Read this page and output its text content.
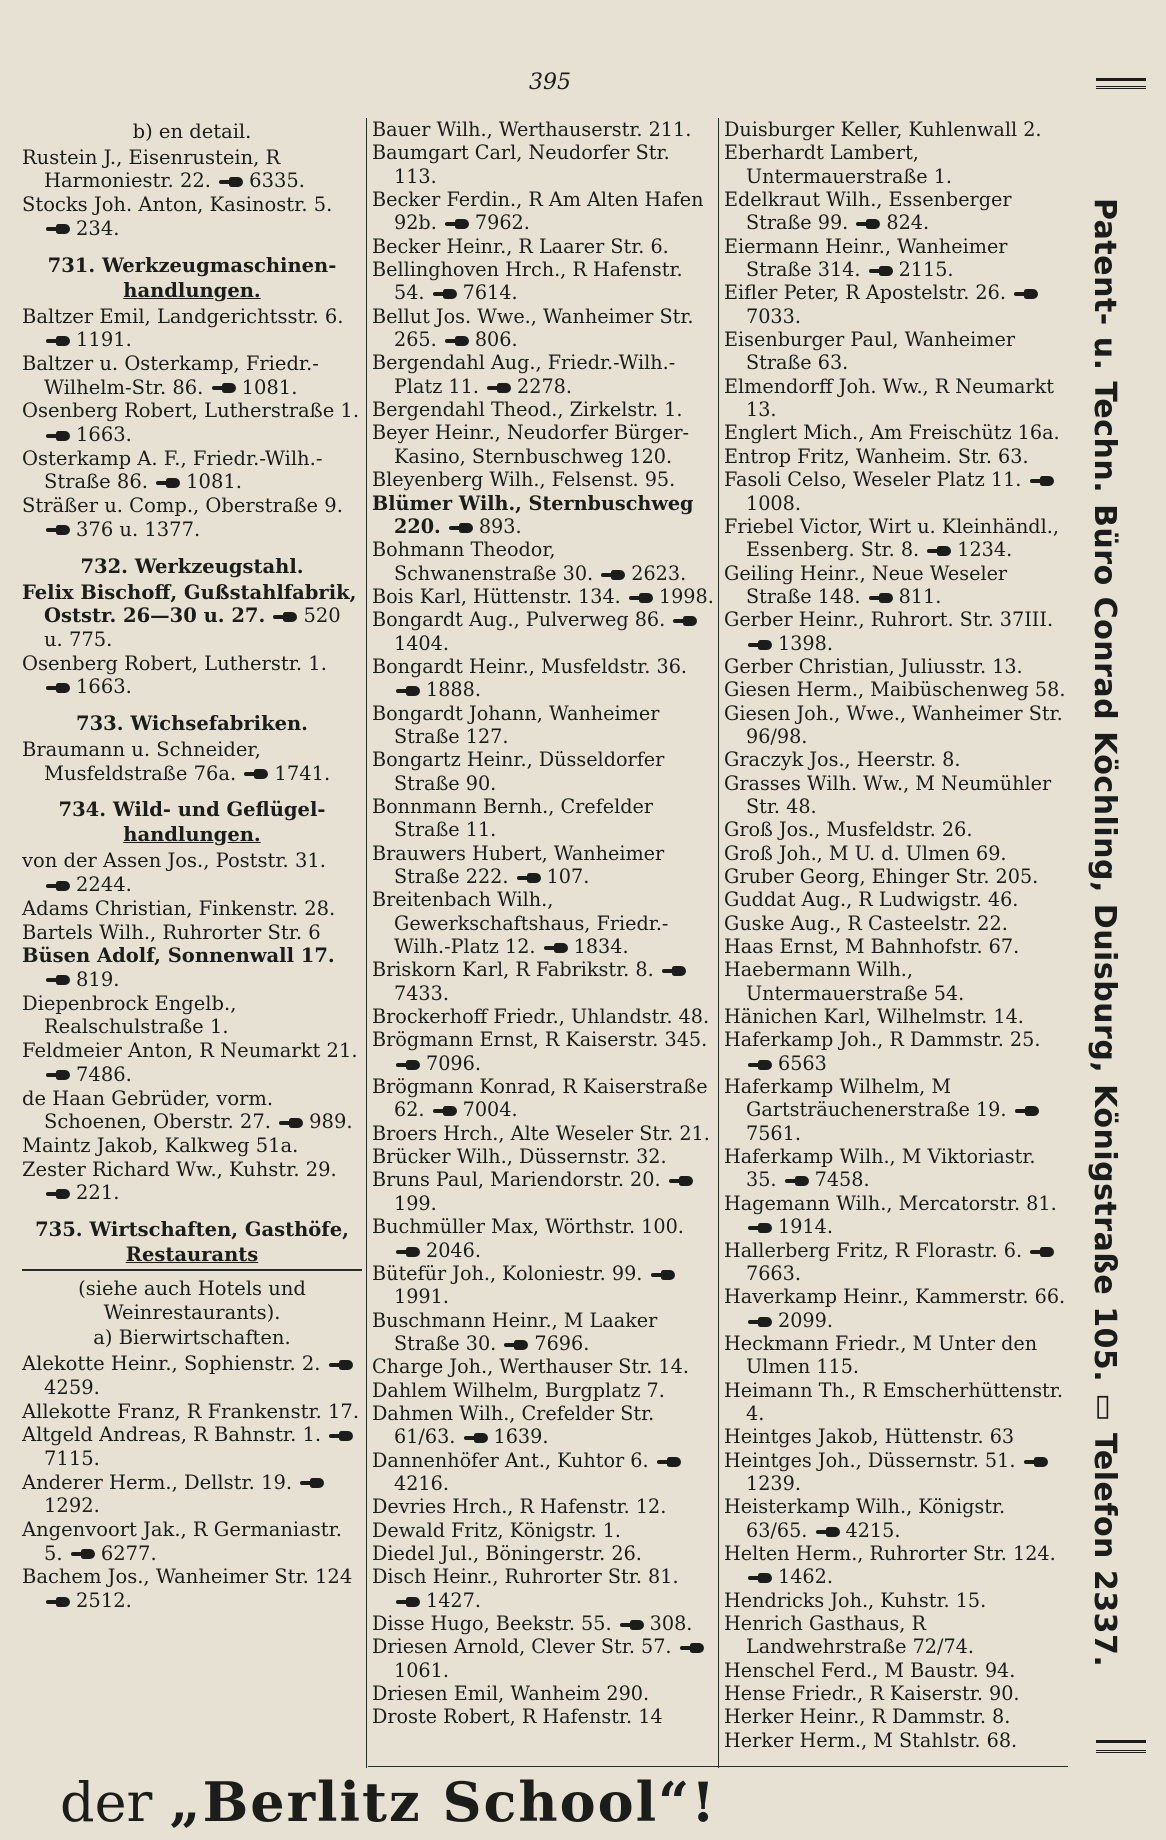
395
b) en detail.
Rustein J., Eisenrustein, R Harmoniestr. 22. 6335.
Stocks Joh. Anton, Kasinostr. 5. 234.
731. Werkzeugmaschinen-
handlungen.
Baltzer Emil, Landgerichtsstr. 6. 1191.
Baltzer u. Osterkamp, Friedr.-Wilhelm-Str. 86. 1081.
Osenberg Robert, Lutherstraße 1. 1663.
Osterkamp A. F., Friedr.-Wilh.-Straße 86. 1081.
Sträßer u. Comp., Oberstraße 9. 376 u. 1377.
732. Werkzeugstahl.
Felix Bischoff, Gußstahlfabrik, Oststr. 26—30 u. 27. 520 u. 775.
Osenberg Robert, Lutherstr. 1. 1663.
733. Wichsefabriken.
Braumann u. Schneider, Musfeldstraße 76a. 1741.
734. Wild- und Geflügel-
handlungen.
von der Assen Jos., Poststr. 31. 2244.
Adams Christian, Finkenstr. 28.
Bartels Wilh., Ruhrorter Str. 6
Büsen Adolf, Sonnenwall 17. 819.
Diepenbrock Engelb., Realschulstraße 1.
Feldmeier Anton, R Neumarkt 21. 7486.
de Haan Gebrüder, vorm. Schoenen, Oberstr. 27. 989.
Maintz Jakob, Kalkweg 51a.
Zester Richard Ww., Kuhstr. 29. 221.
735. Wirtschaften, Gasthöfe,
Restaurants
(siehe auch Hotels und Weinrestaurants).
a) Bierwirtschaften.
Alekotte Heinr., Sophienstr. 2. 4259.
Allekotte Franz, R Frankenstr. 17.
Altgeld Andreas, R Bahnstr. 1. 7115.
Anderer Herm., Dellstr. 19. 1292.
Angenvoort Jak., R Germaniastr. 5. 6277.
Bachem Jos., Wanheimer Str. 124 2512.
Bauer Wilh., Werthauserstr. 211.
Baumgart Carl, Neudorfer Str. 113.
Becker Ferdin., R Am Alten Hafen 92b. 7962.
Becker Heinr., R Laarer Str. 6.
Bellinghoven Hrch., R Hafenstr. 54. 7614.
Bellut Jos. Wwe., Wanheimer Str. 265. 806.
Bergendahl Aug., Friedr.-Wilh.-Platz 11. 2278.
Bergendahl Theod., Zirkelstr. 1.
Beyer Heinr., Neudorfer Bürger-Kasino, Sternbuschweg 120.
Bleyenberg Wilh., Felsenst. 95.
Blümer Wilh., Sternbuschweg 220. 893.
Bohmann Theodor, Schwanenstraße 30. 2623.
Bois Karl, Hüttenstr. 134. 1998.
Bongardt Aug., Pulverweg 86. 1404.
Bongardt Heinr., Musfeldstr. 36. 1888.
Bongardt Johann, Wanheimer Straße 127.
Bongartz Heinr., Düsseldorfer Straße 90.
Bonnmann Bernh., Crefelder Straße 11.
Brauwers Hubert, Wanheimer Straße 222. 107.
Breitenbach Wilh., Gewerkschaftshaus, Friedr.-Wilh.-Platz 12. 1834.
Briskorn Karl, R Fabrikstr. 8. 7433.
Brockerhoff Friedr., Uhlandstr. 48.
Brögmann Ernst, R Kaiserstr. 345. 7096.
Brögmann Konrad, R Kaiserstraße 62. 7004.
Broers Hrch., Alte Weseler Str. 21.
Brücker Wilh., Düssernstr. 32.
Bruns Paul, Mariendorstr. 20. 199.
Buchmüller Max, Wörthstr. 100. 2046.
Bütefür Joh., Koloniestr. 99. 1991.
Buschmann Heinr., M Laaker Straße 30. 7696.
Charge Joh., Werthauser Str. 14.
Dahlem Wilhelm, Burgplatz 7.
Dahmen Wilh., Crefelder Str. 61/63. 1639.
Dannenhöfer Ant., Kuhtor 6. 4216.
Devries Hrch., R Hafenstr. 12.
Dewald Fritz, Königstr. 1.
Diedel Jul., Böningerstr. 26.
Disch Heinr., Ruhrorter Str. 81. 1427.
Disse Hugo, Beekstr. 55. 308.
Driesen Arnold, Clever Str. 57. 1061.
Driesen Emil, Wanheim 290.
Droste Robert, R Hafenstr. 14
Duisburger Keller, Kuhlenwall 2.
Eberhardt Lambert, Untermauerstraße 1.
Edelkraut Wilh., Essenberger Straße 99. 824.
Eiermann Heinr., Wanheimer Straße 314. 2115.
Eifler Peter, R Apostelstr. 26. 7033.
Eisenburger Paul, Wanheimer Straße 63.
Elmendorff Joh. Ww., R Neumarkt 13.
Englert Mich., Am Freischütz 16a.
Entrop Fritz, Wanheim. Str. 63.
Fasoli Celso, Weseler Platz 11. 1008.
Friebel Victor, Wirt u. Kleinhändl., Essenberg. Str. 8. 1234.
Geiling Heinr., Neue Weseler Straße 148. 811.
Gerber Heinr., Ruhrort. Str. 37III. 1398.
Gerber Christian, Juliusstr. 13.
Giesen Herm., Maibüschenweg 58.
Giesen Joh., Wwe., Wanheimer Str. 96/98.
Graczyk Jos., Heerstr. 8.
Grasses Wilh. Ww., M Neumühler Str. 48.
Groß Jos., Musfeldstr. 26.
Groß Joh., M U. d. Ulmen 69.
Gruber Georg, Ehinger Str. 205.
Guddat Aug., R Ludwigstr. 46.
Guske Aug., R Casteelstr. 22.
Haas Ernst, M Bahnhofstr. 67.
Haebermann Wilh., Untermauerstraße 54.
Hänichen Karl, Wilhelmstr. 14.
Haferkamp Joh., R Dammstr. 25. 6563
Haferkamp Wilhelm, M Gartsträuchenerstraße 19. 7561.
Haferkamp Wilh., M Viktoriastr. 35. 7458.
Hagemann Wilh., Mercatorstr. 81. 1914.
Hallerberg Fritz, R Florastr. 6. 7663.
Haverkamp Heinr., Kammerstr. 66. 2099.
Heckmann Friedr., M Unter den Ulmen 115.
Heimann Th., R Emscherhüttenstr. 4.
Heintges Jakob, Hüttenstr. 63
Heintges Joh., Düssernstr. 51. 1239.
Heisterkamp Wilh., Königstr. 63/65. 4215.
Helten Herm., Ruhrorter Str. 124. 1462.
Hendricks Joh., Kuhstr. 15.
Henrich Gasthaus, R Landwehrstraße 72/74.
Henschel Ferd., M Baustr. 94.
Hense Friedr., R Kaiserstr. 90.
Herker Heinr., R Dammstr. 8.
Herker Herm., M Stahlstr. 68.
Patent- u. Techn. Büro Conrad Köchling, Duisburg, Königstraße 105. ▭ Telefon 2337.
der „Berlitz School“!
